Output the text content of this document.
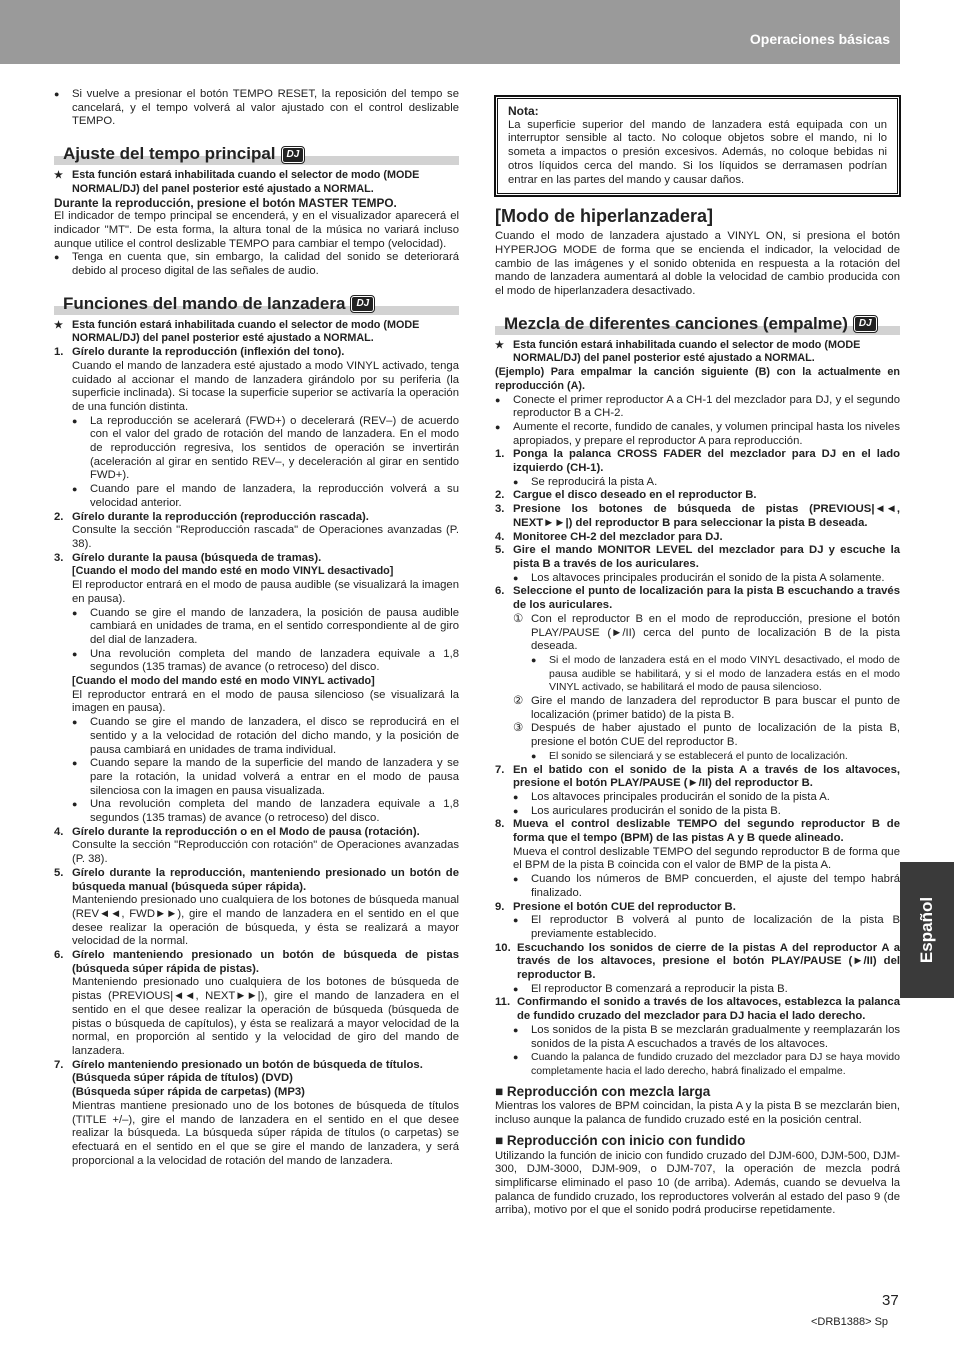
Operaciones básicas
Español

● Si vuelve a presionar el botón TEMPO RESET, la reposición del tempo se cancelará, y el tempo volverá al valor ajustado con el control deslizable TEMPO.

Ajuste del tempo principal DJ

★ Esta función estará inhabilitada cuando el selector de modo (MODE NORMAL/DJ) del panel posterior esté ajustado a NORMAL.

Durante la reproducción, presione el botón MASTER TEMPO.

El indicador de tempo principal se encenderá, y en el visualizador aparecerá el indicador "MT". De esta forma, la altura tonal de la música no variará incluso aunque utilice el control deslizable TEMPO para cambiar el tempo (velocidad).

● Tenga en cuenta que, sin embargo, la calidad del sonido se deteriorará debido al proceso digital de las señales de audio.

Funciones del mando de lanzadera DJ

★ Esta función estará inhabilitada cuando el selector de modo (MODE NORMAL/DJ) del panel posterior esté ajustado a NORMAL.

1. Gírelo durante la reproducción (inflexión del tono).

Cuando el mando de lanzadera esté ajustado a modo VINYL activado, tenga cuidado al accionar el mando de lanzadera girándolo por su periferia (la superficie inclinada). Si tocase la superficie superior se activaría la operación de una función distinta.

● La reproducción se acelerará (FWD+) o decelerará (REV–) de acuerdo con el valor del grado de rotación del mando de lanzadera. En el modo de reproducción regresiva, los sentidos de operación se invertirán (aceleración al girar en sentido REV–, y deceleración al girar en sentido FWD+).

● Cuando pare el mando de lanzadera, la reproducción volverá a su velocidad anterior.

2. Gírelo durante la reproducción (reproducción rascada).

Consulte la sección "Reproducción rascada" de Operaciones avanzadas (P. 38).

3. Gírelo durante la pausa (búsqueda de tramas).

[Cuando el modo del mando esté en modo VINYL desactivado]

El reproductor entrará en el modo de pausa audible (se visualizará la imagen en pausa).

● Cuando se gire el mando de lanzadera, la posición de pausa audible cambiará en unidades de trama, en el sentido correspondiente al de giro del dial de lanzadera.

● Una revolución completa del mando de lanzadera equivale a 1,8 segundos (135 tramas) de avance (o retroceso) del disco.

[Cuando el modo del mando esté en modo VINYL activado]

El reproductor entrará en el modo de pausa silencioso (se visualizará la imagen en pausa).

● Cuando se gire el mando de lanzadera, el disco se reproducirá en el sentido y a la velocidad de rotación del dicho mando, y la posición de pausa cambiará en unidades de trama individual.

● Cuando separe la mando de la superficie del mando de lanzadera y se pare la rotación, la unidad volverá a entrar en el modo de pausa silenciosa con la imagen en pausa visualizada.

● Una revolución completa del mando de lanzadera equivale a 1,8 segundos (135 tramas) de avance (o retroceso) del disco.

4. Gírelo durante la reproducción o en el Modo de pausa (rotación).

Consulte la sección "Reproducción con rotación" de Operaciones avanzadas (P. 38).

5. Gírelo durante la reproducción, manteniendo presionado un botón de búsqueda manual (búsqueda súper rápida).

Manteniendo presionado uno cualquiera de los botones de búsqueda manual (REV◄◄, FWD►►), gire el mando de lanzadera en el sentido en el que desee realizar la operación de búsqueda, y ésta se realizará a mayor velocidad de la normal.

6. Gírelo manteniendo presionado un botón de búsqueda de pistas (búsqueda súper rápida de pistas).

Manteniendo presionado uno cualquiera de los botones de búsqueda de pistas (PREVIOUS|◄◄, NEXT►►|), gire el mando de lanzadera en el sentido en el que desee realizar la operación de búsqueda (búsqueda de pistas o búsqueda de capítulos), y ésta se realizará a mayor velocidad de la normal, en proporción al sentido y la velocidad de giro del mando de lanzadera.

7. Gírelo manteniendo presionado un botón de búsqueda de títulos.

(Búsqueda súper rápida de títulos) (DVD)

(Búsqueda súper rápida de carpetas) (MP3)

Mientras mantiene presionado uno de los botones de búsqueda de títulos (TITLE +/–), gire el mando de lanzadera en el sentido en el que desee realizar la búsqueda. La búsqueda súper rápida de títulos (o carpetas) se efectuará en el sentido en el que se gire el mando de lanzadera, y será proporcional a la velocidad de rotación del mando de lanzadera.

Nota:

La superficie superior del mando de lanzadera está equipada con un interruptor sensible al tacto. No coloque objetos sobre el mando, ni lo someta a impactos o presión excesivos. Además, no coloque bebidas ni otros líquidos cerca del mando. Si los líquidos se derramasen podrían entrar en las partes del mando y causar daños.

[Modo de hiperlanzadera]

Cuando el modo de lanzadera ajustado a VINYL ON, si presiona el botón HYPERJOG MODE de forma que se encienda el indicador, la velocidad de cambio de las imágenes y el sonido obtenida en respuesta a la rotación del mando de lanzadera aumentará al doble la velocidad de cambio producida con el modo de hiperlanzadera desactivado.

Mezcla de diferentes canciones (empalme) DJ

★ Esta función estará inhabilitada cuando el selector de modo (MODE NORMAL/DJ) del panel posterior esté ajustado a NORMAL.

(Ejemplo) Para empalmar la canción siguiente (B) con la actualmente en reproducción (A).

● Conecte el primer reproductor A a CH-1 del mezclador para DJ, y el segundo reproductor B a CH-2.

● Aumente el recorte, fundido de canales, y volumen principal hasta los niveles apropiados, y prepare el reproductor A para reproducción.

1. Ponga la palanca CROSS FADER del mezclador para DJ en el lado izquierdo (CH-1).

● Se reproducirá la pista A.

2. Cargue el disco deseado en el reproductor B.

3. Presione los botones de búsqueda de pistas (PREVIOUS|◄◄, NEXT►►|) del reproductor B para seleccionar la pista B deseada.

4. Monitoree CH-2 del mezclador para DJ.

5. Gire el mando MONITOR LEVEL del mezclador para DJ y escuche la pista B a través de los auriculares.

● Los altavoces principales producirán el sonido de la pista A solamente.

6. Seleccione el punto de localización para la pista B escuchando a través de los auriculares.

① Con el reproductor B en el modo de reproducción, presione el botón PLAY/PAUSE (►/II) cerca del punto de localización B de la pista deseada.

● Si el modo de lanzadera está en el modo VINYL desactivado, el modo de pausa audible se habilitará, y si el modo de lanzadera estás en el modo VINYL activado, se habilitará el modo de pausa silencioso.

② Gire el mando de lanzadera del reproductor B para buscar el punto de localización (primer batido) de la pista B.

③ Después de haber ajustado el punto de localización de la pista B, presione el botón CUE del reproductor B.

● El sonido se silenciará y se establecerá el punto de localización.

7. En el batido con el sonido de la pista A a través de los altavoces, presione el botón PLAY/PAUSE (►/II) del reproductor B.

● Los altavoces principales producirán el sonido de la pista A.

● Los auriculares producirán el sonido de la pista B.

8. Mueva el control deslizable TEMPO del segundo reproductor B de forma que el tempo (BPM) de las pistas A y B quede alineado.

Mueva el control deslizable TEMPO del segundo reproductor B de forma que el BPM de la pista B coincida con el valor de BMP de la pista A.

● Cuando los números de BMP concuerden, el ajuste del tempo habrá finalizado.

9. Presione el botón CUE del reproductor B.

● El reproductor B volverá al punto de localización de la pista B previamente establecido.

10. Escuchando los sonidos de cierre de la pistas A del reproductor A a través de los altavoces, presione el botón PLAY/PAUSE (►/II) del reproductor B.

● El reproductor B comenzará a reproducir la pista B.

11. Confirmando el sonido a través de los altavoces, establezca la palanca de fundido cruzado del mezclador para DJ hacia el lado derecho.

● Los sonidos de la pista B se mezclarán gradualmente y reemplazarán los sonidos de la pista A escuchados a través de los altavoces.

● Cuando la palanca de fundido cruzado del mezclador para DJ se haya movido completamente hacia el lado derecho, habrá finalizado el empalme.

■ Reproducción con mezcla larga

Mientras los valores de BPM coincidan, la pista A y la pista B se mezclarán bien, incluso aunque la palanca de fundido cruzado esté en la posición central.

■ Reproducción con inicio con fundido

Utilizando la función de inicio con fundido cruzado del DJM-600, DJM-500, DJM-300, DJM-3000, DJM-909, o DJM-707, la operación de mezcla podrá simplificarse eliminado el paso 10 (de arriba). Además, cuando se devuelva la palanca de fundido cruzado, los reproductores volverán al estado del paso 9 (de arriba), motivo por el que el sonido podrá producirse repetidamente.

37
<DRB1388> Sp
